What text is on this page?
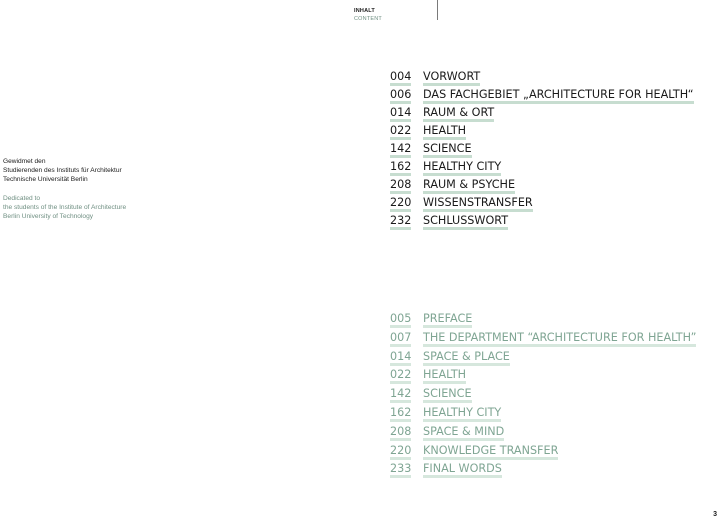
INHALT
CONTENT
Gewidmet den
Studierenden des Instituts für Architektur
Technische Universität Berlin
Dedicated to
the students of the Institute of Architecture
Berlin University of Technology
004	VORWORT
006	DAS FACHGEBIET „ARCHITECTURE FOR HEALTH“
014	RAUM & ORT
022	HEALTH
142	SCIENCE
162	HEALTHY CITY
208	RAUM & PSYCHE
220	WISSENSTRANSFER
232	SCHLUSSWORT
005	PREFACE
007	THE DEPARTMENT “ARCHITECTURE FOR HEALTH”
014	SPACE & PLACE
022	HEALTH
142	SCIENCE
162	HEALTHY CITY
208	SPACE & MIND
220	KNOWLEDGE TRANSFER
233	FINAL WORDS
3
